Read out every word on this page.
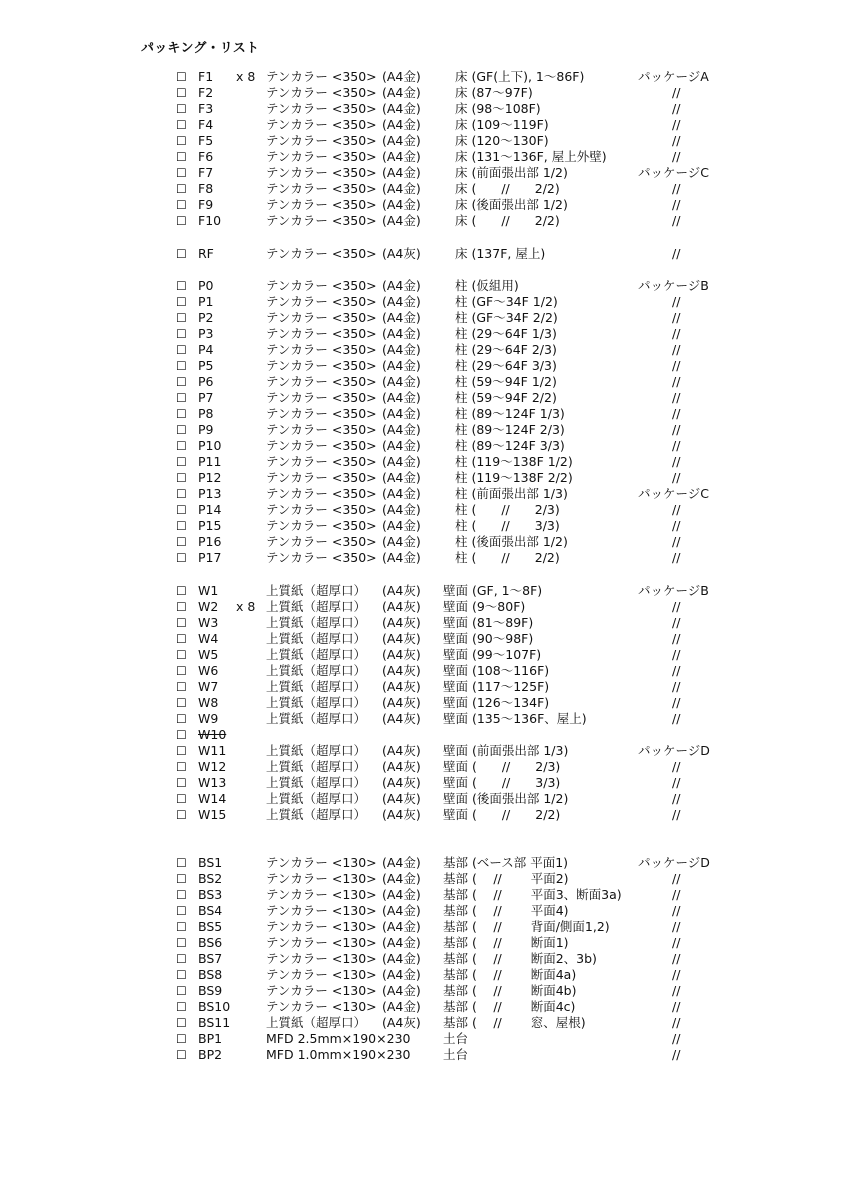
パッキング・リスト
☐ F1 x 8 テンカラー <350> (A4金)	床 (GF(上下), 1〜86F)	パッケージA
☐ F2	テンカラー <350> (A4金)	床 (87〜97F)	//
☐ F3	テンカラー <350> (A4金)	床 (98〜108F)	//
☐ F4	テンカラー <350> (A4金)	床 (109〜119F)	//
☐ F5	テンカラー <350> (A4金)	床 (120〜130F)	//
☐ F6	テンカラー <350> (A4金)	床 (131〜136F, 屋上外壁)	//
☐ F7	テンカラー <350> (A4金)	床 (前面張出部 1/2)	パッケージC
☐ F8	テンカラー <350> (A4金)	床 (　　//　　2/2)	//
☐ F9	テンカラー <350> (A4金)	床 (後面張出部 1/2)	//
☐ F10	テンカラー <350> (A4金)	床 (　　//　　2/2)	//
☐ RF	テンカラー <350> (A4灰)	床 (137F, 屋上)	//
☐ P0	テンカラー <350> (A4金)	柱 (仮組用)	パッケージB
☐ P1	テンカラー <350> (A4金)	柱 (GF〜34F 1/2)	//
☐ P2	テンカラー <350> (A4金)	柱 (GF〜34F 2/2)	//
☐ P3	テンカラー <350> (A4金)	柱 (29〜64F 1/3)	//
☐ P4	テンカラー <350> (A4金)	柱 (29〜64F 2/3)	//
☐ P5	テンカラー <350> (A4金)	柱 (29〜64F 3/3)	//
☐ P6	テンカラー <350> (A4金)	柱 (59〜94F 1/2)	//
☐ P7	テンカラー <350> (A4金)	柱 (59〜94F 2/2)	//
☐ P8	テンカラー <350> (A4金)	柱 (89〜124F 1/3)	//
☐ P9	テンカラー <350> (A4金)	柱 (89〜124F 2/3)	//
☐ P10	テンカラー <350> (A4金)	柱 (89〜124F 3/3)	//
☐ P11	テンカラー <350> (A4金)	柱 (119〜138F 1/2)	//
☐ P12	テンカラー <350> (A4金)	柱 (119〜138F 2/2)	//
☐ P13	テンカラー <350> (A4金)	柱 (前面張出部 1/3)	パッケージC
☐ P14	テンカラー <350> (A4金)	柱 (　　//　　2/3)	//
☐ P15	テンカラー <350> (A4金)	柱 (　　//　　3/3)	//
☐ P16	テンカラー <350> (A4金)	柱 (後面張出部 1/2)	//
☐ P17	テンカラー <350> (A4金)	柱 (　　//　　2/2)	//
☐ W1	上質紙（超厚口） (A4灰) 壁面 (GF, 1〜8F)	パッケージB
☐ W2 x 8 上質紙（超厚口） (A4灰) 壁面 (9〜80F)	//
☐ W3	上質紙（超厚口） (A4灰) 壁面 (81〜89F)	//
☐ W4	上質紙（超厚口） (A4灰) 壁面 (90〜98F)	//
☐ W5	上質紙（超厚口） (A4灰) 壁面 (99〜107F)	//
☐ W6	上質紙（超厚口） (A4灰) 壁面 (108〜116F)	//
☐ W7	上質紙（超厚口） (A4灰) 壁面 (117〜125F)	//
☐ W8	上質紙（超厚口） (A4灰) 壁面 (126〜134F)	//
☐ W9	上質紙（超厚口） (A4灰) 壁面 (135〜136F、屋上)	//
☐ W10
☐ W11	上質紙（超厚口） (A4灰) 壁面 (前面張出部 1/3)	パッケージD
☐ W12	上質紙（超厚口） (A4灰) 壁面 (　　//　　2/3)	//
☐ W13	上質紙（超厚口） (A4灰) 壁面 (　　//　　3/3)	//
☐ W14	上質紙（超厚口） (A4灰) 壁面 (後面張出部 1/2)	//
☐ W15	上質紙（超厚口） (A4灰) 壁面 (　　//　　2/2)	//
☐ BS1	テンカラー <130> (A4金) 基部 (ベース部 平面1)	パッケージD
☐ BS2	テンカラー <130> (A4金) 基部 (　 //　 　平面2)	//
☐ BS3	テンカラー <130> (A4金) 基部 (　 //　 　平面3、断面3a)	//
☐ BS4	テンカラー <130> (A4金) 基部 (　 //　 　平面4)	//
☐ BS5	テンカラー <130> (A4金) 基部 (　 //　 　背面/側面1,2)	//
☐ BS6	テンカラー <130> (A4金) 基部 (　 //　 　断面1)	//
☐ BS7	テンカラー <130> (A4金) 基部 (　 //　 　断面2、3b)	//
☐ BS8	テンカラー <130> (A4金) 基部 (　 //　 　断面4a)	//
☐ BS9	テンカラー <130> (A4金) 基部 (　 //　 　断面4b)	//
☐ BS10	テンカラー <130> (A4金) 基部 (　 //　 　断面4c)	//
☐ BS11	上質紙（超厚口） (A4灰) 基部 (　 //　 　窓、屋根)	//
☐ BP1	MFD 2.5mm×190×230	土台	//
☐ BP2	MFD 1.0mm×190×230	土台	//
